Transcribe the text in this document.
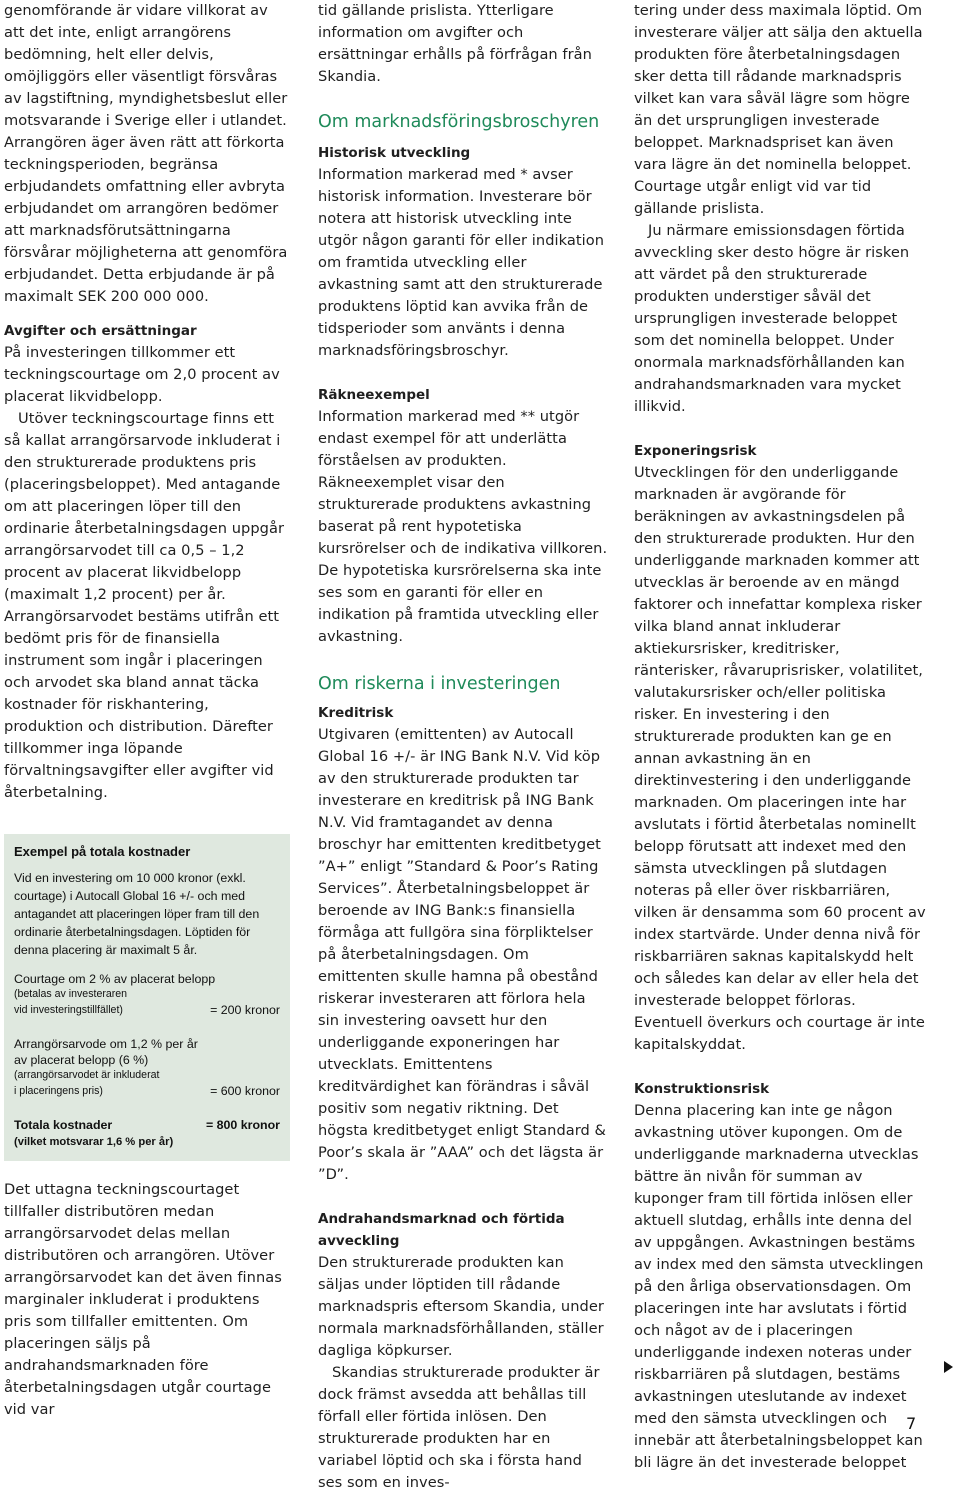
genomförande är vidare villkorat av att det inte, enligt arrangörens bedömning, helt eller delvis, omöjliggörs eller väsentligt försvåras av lagstiftning, myndighetsbeslut eller motsvarande i Sverige eller i utlandet. Arrangören äger även rätt att förkorta teckningsperioden, begränsa erbjudandets omfattning eller avbryta erbjudandet om arrangören bedömer att marknadsförutsättningarna försvårar möjligheterna att genomföra erbjudandet. Detta erbjudande är på maximalt SEK 200 000 000.

Avgifter och ersättningar

På investeringen tillkommer ett teckningscourtage om 2,0 procent av placerat likvidbelopp.

Utöver teckningscourtage finns ett så kallat arrangörsarvode inkluderat i den strukturerade produktens pris (placeringsbeloppet). Med antagande om att placeringen löper till den ordinarie återbetalningsdagen uppgår arrangörsarvodet till ca 0,5 – 1,2 procent av placerat likvidbelopp (maximalt 1,2 procent) per år. Arrangörsarvodet bestäms utifrån ett bedömt pris för de finansiella instrument som ingår i placeringen och arvodet ska bland annat täcka kostnader för riskhantering, produktion och distribution. Därefter tillkommer inga löpande förvaltningsavgifter eller avgifter vid återbetalning.

Exempel på totala kostnader

Vid en investering om 10 000 kronor (exkl. courtage) i Autocall Global 16 +/- och med antagandet att placeringen löper fram till den ordinarie återbetalningsdagen. Löptiden för denna placering är maximalt 5 år.

Courtage om 2 % av placerat belopp

(betalas av investeraren

vid investeringstillfället)	= 200 kronor

Arrangörsarvode om 1,2 % per år

av placerat belopp (6 %)

(arrangörsarvodet är inkluderat

i placeringens pris)	= 600 kronor
Totala kostnader	= 800 kronor

(vilket motsvarar 1,6 % per år)

Det uttagna teckningscourtaget tillfaller distributören medan arrangörsarvodet delas mellan distributören och arrangören. Utöver arrangörsarvodet kan det även finnas marginaler inkluderat i produktens pris som tillfaller emittenten. Om placeringen säljs på andrahandsmarknaden före återbetalningsdagen utgår courtage vid var

tid gällande prislista. Ytterligare information om avgifter och ersättningar erhålls på förfrågan från Skandia.

Om marknadsföringsbroschyren
Historisk utveckling

Information markerad med * avser historisk information. Investerare bör notera att historisk utveckling inte utgör någon garanti för eller indikation om framtida utveckling eller avkastning samt att den strukturerade produktens löptid kan avvika från de tidsperioder som använts i denna marknadsföringsbroschyr.

Räkneexempel

Information markerad med ** utgör endast exempel för att underlätta förståelsen av produkten. Räkneexemplet visar den strukturerade produktens avkastning baserat på rent hypotetiska kursrörelser och de indikativa villkoren. De hypotetiska kursrörelserna ska inte ses som en garanti för eller en indikation på framtida utveckling eller avkastning.

Om riskerna i investeringen
Kreditrisk

Utgivaren (emittenten) av Autocall Global 16 +/- är ING Bank N.V. Vid köp av den strukturerade produkten tar investerare en kreditrisk på ING Bank N.V. Vid framtagandet av denna broschyr har emittenten kreditbetyget ”A+” enligt ”Standard & Poor’s Rating Services”. Återbetalningsbeloppet är beroende av ING Bank:s finansiella förmåga att fullgöra sina förpliktelser på återbetalningsdagen. Om emittenten skulle hamna på obestånd riskerar investeraren att förlora hela sin investering oavsett hur den underliggande exponeringen har utvecklats. Emittentens kreditvärdighet kan förändras i såväl positiv som negativ riktning. Det högsta kreditbetyget enligt Standard & Poor’s skala är ”AAA” och det lägsta är ”D”.

Andrahandsmarknad och förtida avveckling

Den strukturerade produkten kan säljas under löptiden till rådande marknadspris eftersom Skandia, under normala marknadsförhållanden, ställer dagliga köpkurser.

Skandias strukturerade produkter är dock främst avsedda att behållas till förfall eller förtida inlösen. Den strukturerade produkten har en variabel löptid och ska i första hand ses som en inves-

tering under dess maximala löptid. Om investerare väljer att sälja den aktuella produkten före återbetalningsdagen sker detta till rådande marknadspris vilket kan vara såväl lägre som högre än det ursprungligen investerade beloppet. Marknadspriset kan även vara lägre än det nominella beloppet. Courtage utgår enligt vid var tid gällande prislista.

Ju närmare emissionsdagen förtida avveckling sker desto högre är risken att värdet på den strukturerade produkten understiger såväl det ursprungligen investerade beloppet som det nominella beloppet. Under onormala marknadsförhållanden kan andrahandsmarknaden vara mycket illikvid.

Exponeringsrisk

Utvecklingen för den underliggande marknaden är avgörande för beräkningen av avkastningsdelen på den strukturerade produkten. Hur den underliggande marknaden kommer att utvecklas är beroende av en mängd faktorer och innefattar komplexa risker vilka bland annat inkluderar aktiekursrisker, kreditrisker, ränterisker, råvaruprisrisker, volatilitet, valutakursrisker och/eller politiska risker. En investering i den strukturerade produkten kan ge en annan avkastning än en direktinvestering i den underliggande marknaden. Om placeringen inte har avslutats i förtid återbetalas nominellt belopp förutsatt att indexet med den sämsta utvecklingen på slutdagen noteras på eller över riskbarriären, vilken är densamma som 60 procent av index startvärde. Under denna nivå för riskbarriären saknas kapitalskydd helt och således kan delar av eller hela det investerade beloppet förloras. Eventuell överkurs och courtage är inte kapitalskyddat.

Konstruktionsrisk

Denna placering kan inte ge någon avkastning utöver kupongen. Om de underliggande marknaderna utvecklas bättre än nivån för summan av kuponger fram till förtida inlösen eller aktuell slutdag, erhålls inte denna del av uppgången. Avkastningen bestäms av index med den sämsta utvecklingen på den årliga observationsdagen. Om placeringen inte har avslutats i förtid och något av de i placeringen underliggande indexen noteras under riskbarriären på slutdagen, bestäms avkastningen uteslutande av indexet med den sämsta utvecklingen och innebär att återbetalningsbeloppet kan bli lägre än det investerade beloppet

7
